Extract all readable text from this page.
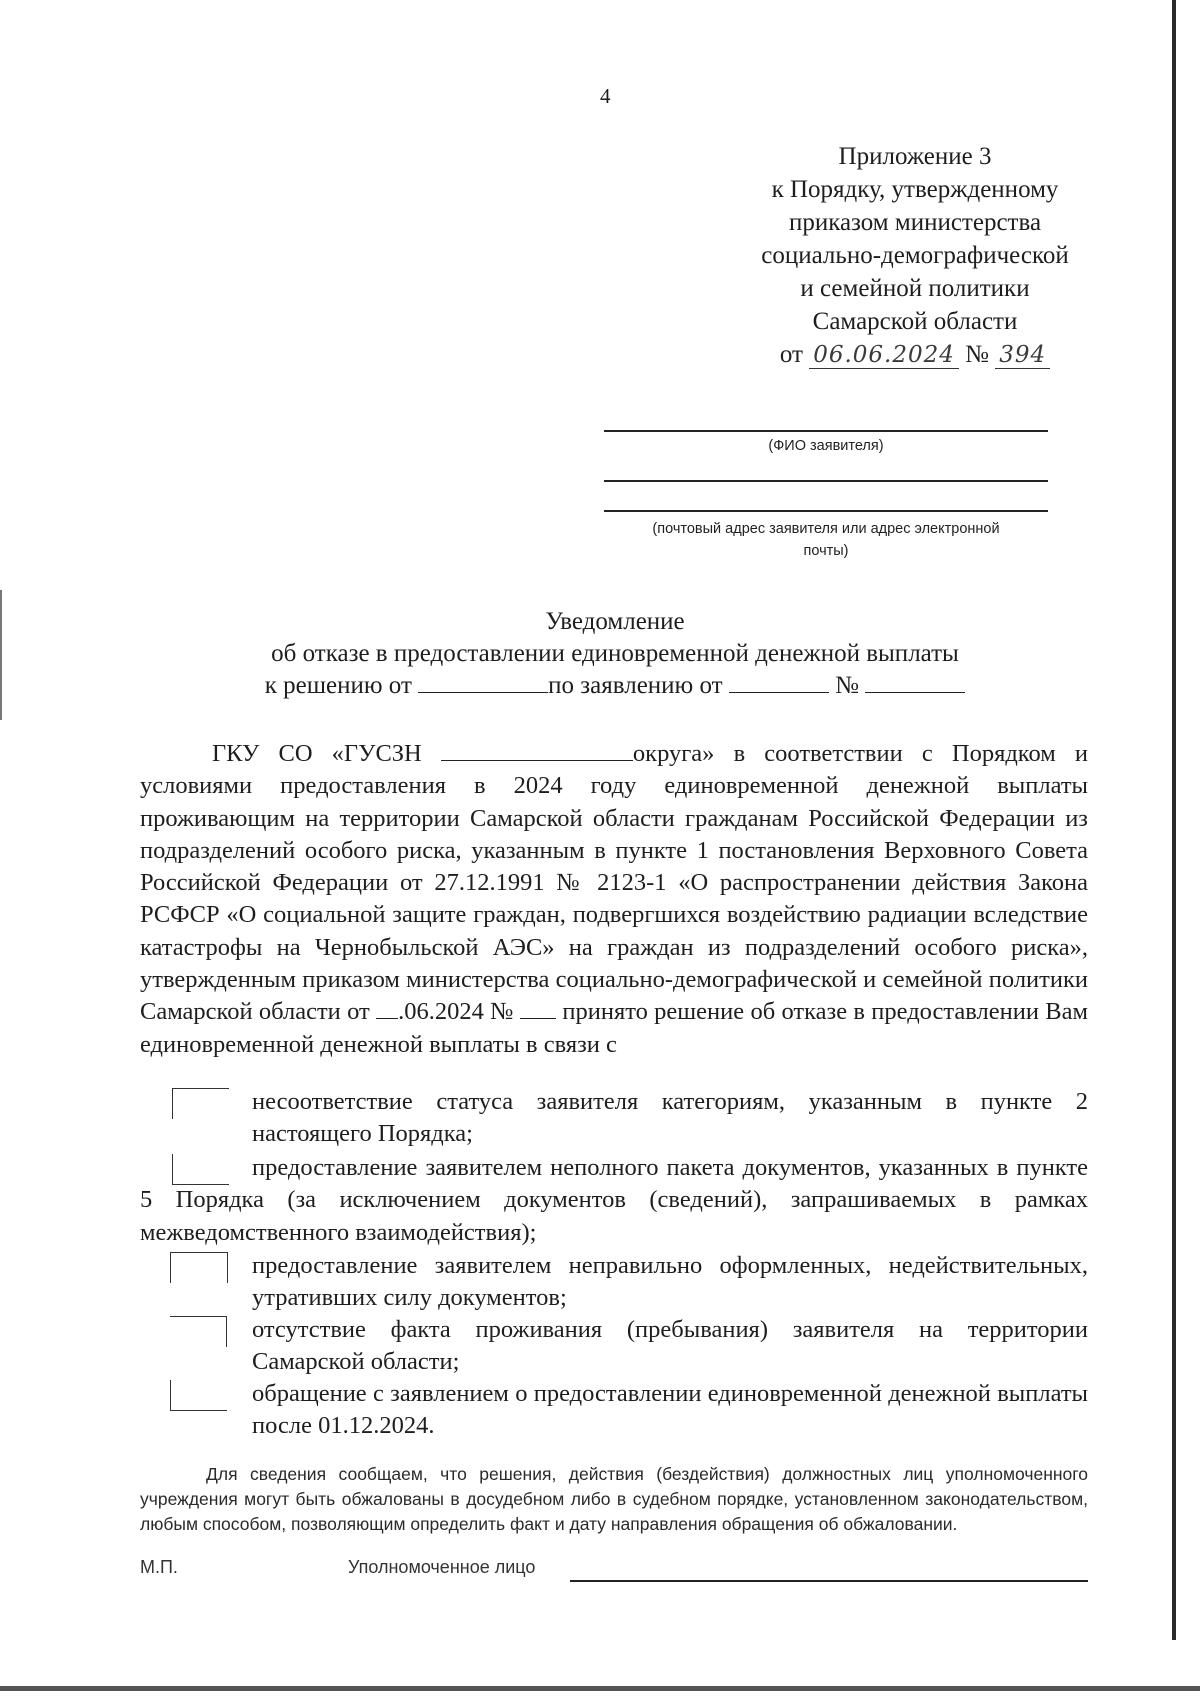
4
Приложение 3
к Порядку, утвержденному
приказом министерства
социально-демографической
и семейной политики
Самарской области
от 06.06.2024 № 394
(ФИО заявителя)
(почтовый адрес заявителя или адрес электронной
почты)
Уведомление
об отказе в предоставлении единовременной денежной выплаты
к решению от	по заявлению от	№

ГКУ СО «ГУСЗН	округа» в соответствии с Порядком и условиями предоставления в 2024 году единовременной денежной выплаты проживающим на территории Самарской области гражданам Российской Федерации из подразделений особого риска, указанным в пункте 1 постановления Верховного Совета Российской Федерации от 27.12.1991 № 2123-1 «О распространении действия Закона РСФСР «О социальной защите граждан, подвергшихся воздействию радиации вследствие катастрофы на Чернобыльской АЭС» на граждан из подразделений особого риска», утвержденным приказом министерства социально-демографической и семейной политики Самарской области от .06.2024 № принято решение об отказе в предоставлении Вам единовременной денежной выплаты в связи с

несоответствие статуса заявителя категориям, указанным в пункте 2 настоящего Порядка;
предоставление заявителем неполного пакета документов, указанных в пункте 5 Порядка (за исключением документов (сведений), запрашиваемых в рамках межведомственного взаимодействия);
предоставление заявителем неправильно оформленных, недействительных, утративших силу документов;
отсутствие факта проживания (пребывания) заявителя на территории Самарской области;
обращение с заявлением о предоставлении единовременной денежной выплаты после 01.12.2024.
Для сведения сообщаем, что решения, действия (бездействия) должностных лиц уполномоченного учреждения могут быть обжалованы в досудебном либо в судебном порядке, установленном законодательством, любым способом, позволяющим определить факт и дату направления обращения об обжаловании.
М.П.	Уполномоченное лицо
